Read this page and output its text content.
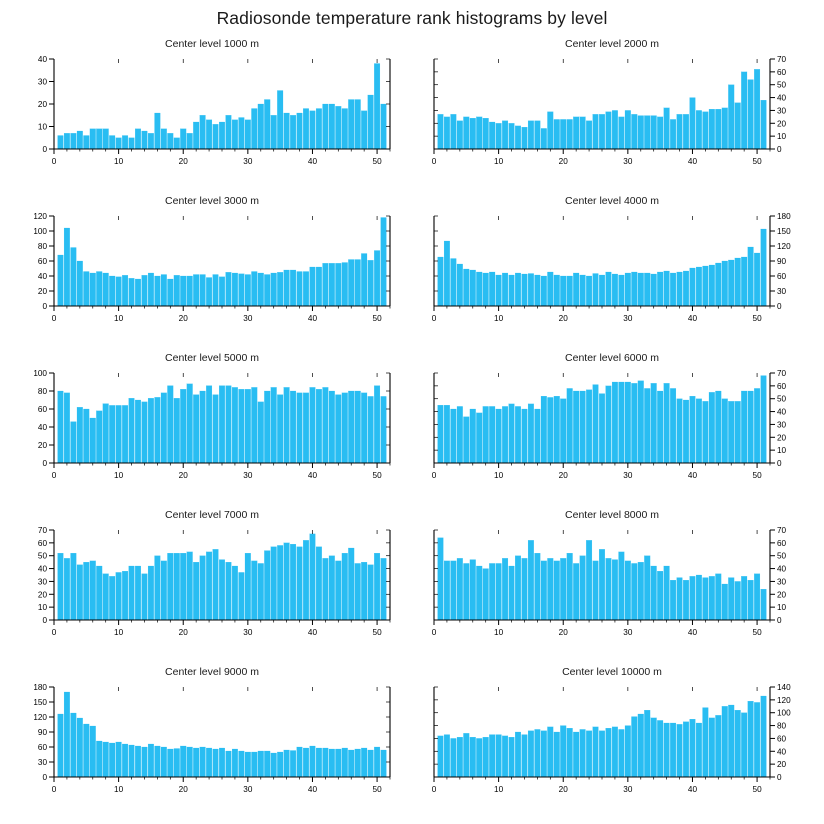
Radiosonde temperature rank histograms by level
Center level 1000 m
0
10
20
30
40
0	10	20	30	40	50
Center level 2000 m
0
10
20
30
40
50
60
70
0	10	20	30	40	50
Center level 3000 m
0
20
40
60
80
100
120
0	10	20	30	40	50
Center level 4000 m
0
30
60
90
120
150
180
0	10	20	30	40	50
Center level 5000 m
0
20
40
60
80
100
0	10	20	30	40	50
Center level 6000 m
0
10
20
30
40
50
60
70
0	10	20	30	40	50
Center level 7000 m
0
10
20
30
40
50
60
70
0	10	20	30	40	50
Center level 8000 m
0
10
20
30
40
50
60
70
0	10	20	30	40	50
Center level 9000 m
0
30
60
90
120
150
180
0	10	20	30	40	50
Center level 10000 m
0
20
40
60
80
100
120
140
0	10	20	30	40	50
